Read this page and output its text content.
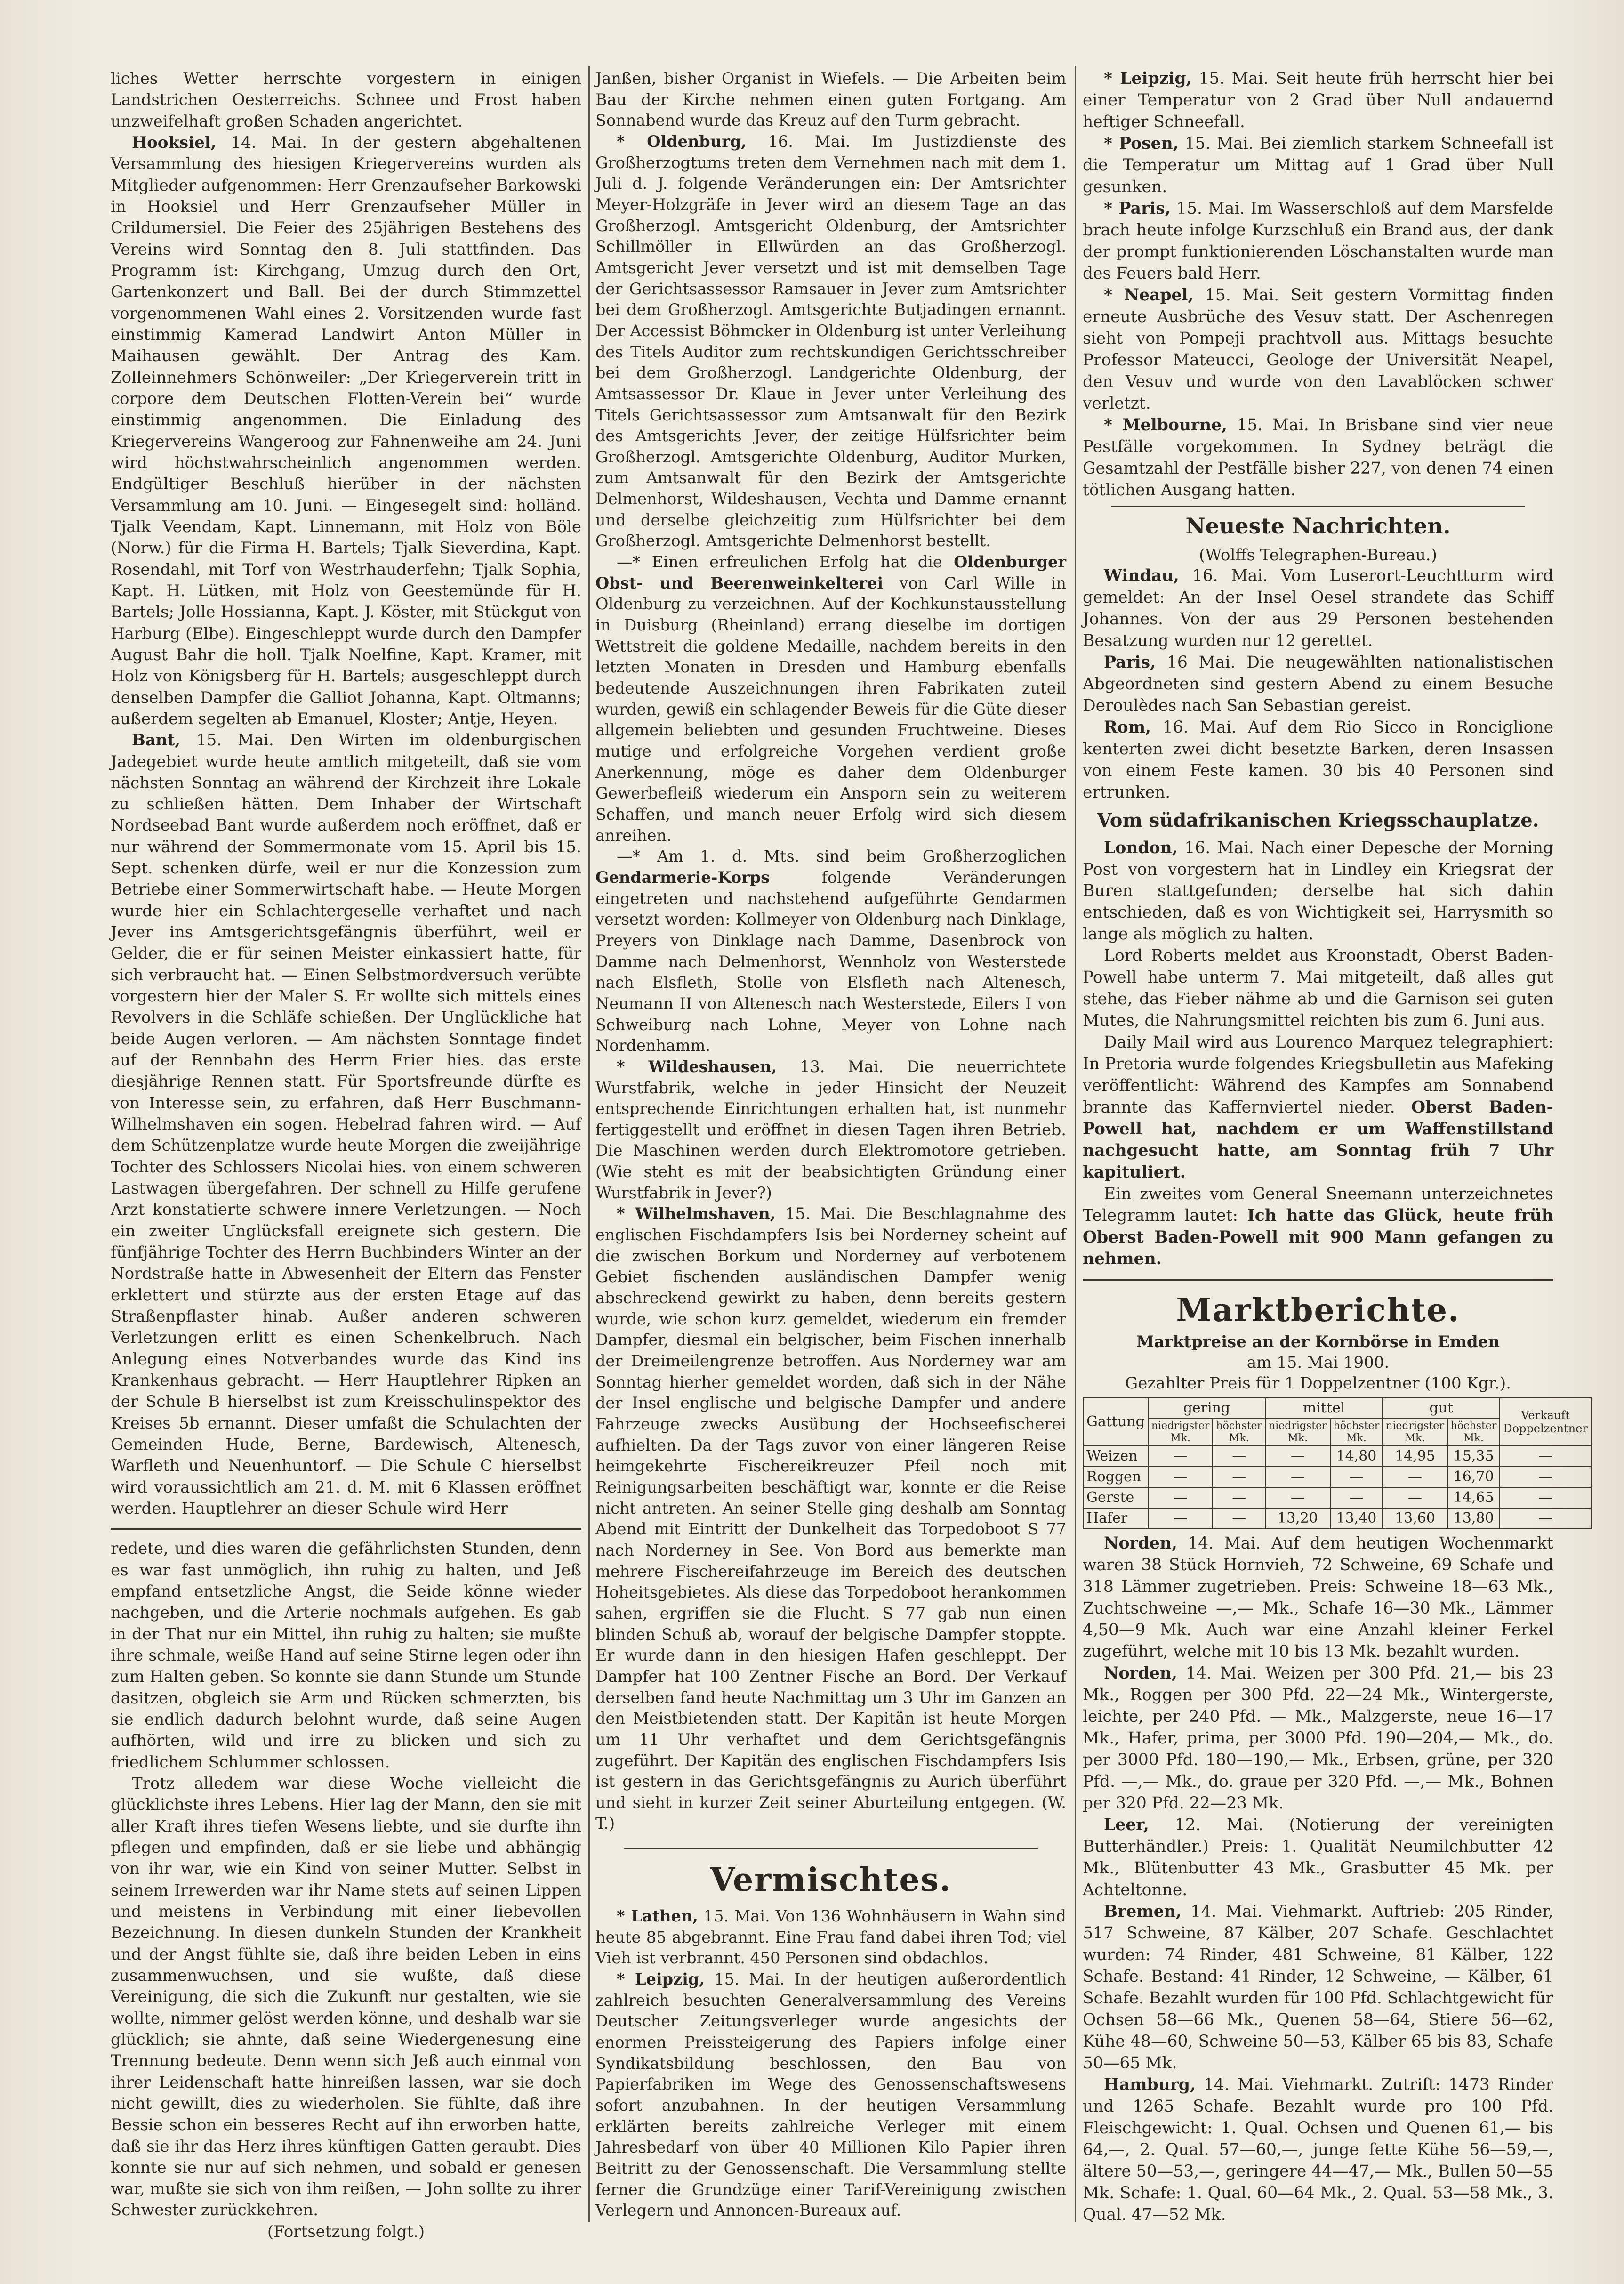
liches Wetter herrschte vorgestern in einigen Landstrichen Oesterreichs. Schnee und Frost haben unzweifelhaft großen Schaden angerichtet.

Hooksiel, 14. Mai. In der gestern abgehaltenen Versammlung des hiesigen Kriegervereins wurden als Mitglieder aufgenommen: Herr Grenzaufseher Barkowski in Hooksiel und Herr Grenzaufseher Müller in Crildumersiel. Die Feier des 25jährigen Bestehens des Vereins wird Sonntag den 8. Juli stattfinden. Das Programm ist: Kirchgang, Umzug durch den Ort, Gartenkonzert und Ball. Bei der durch Stimmzettel vorgenommenen Wahl eines 2. Vorsitzenden wurde fast einstimmig Kamerad Landwirt Anton Müller in Maihausen gewählt. Der Antrag des Kam. Zolleinnehmers Schönweiler: „Der Kriegerverein tritt in corpore dem Deutschen Flotten-Verein bei“ wurde einstimmig angenommen. Die Einladung des Kriegervereins Wangeroog zur Fahnenweihe am 24. Juni wird höchstwahrscheinlich angenommen werden. Endgültiger Beschluß hierüber in der nächsten Versammlung am 10. Juni. — Eingesegelt sind: holländ. Tjalk Veendam, Kapt. Linnemann, mit Holz von Böle (Norw.) für die Firma H. Bartels; Tjalk Sieverdina, Kapt. Rosendahl, mit Torf von Westrhauderfehn; Tjalk Sophia, Kapt. H. Lütken, mit Holz von Geestemünde für H. Bartels; Jolle Hossianna, Kapt. J. Köster, mit Stückgut von Harburg (Elbe). Eingeschleppt wurde durch den Dampfer August Bahr die holl. Tjalk Noelfine, Kapt. Kramer, mit Holz von Königsberg für H. Bartels; ausgeschleppt durch denselben Dampfer die Galliot Johanna, Kapt. Oltmanns; außerdem segelten ab Emanuel, Kloster; Antje, Heyen.

Bant, 15. Mai. Den Wirten im oldenburgischen Jadegebiet wurde heute amtlich mitgeteilt, daß sie vom nächsten Sonntag an während der Kirchzeit ihre Lokale zu schließen hätten. Dem Inhaber der Wirtschaft Nordseebad Bant wurde außerdem noch eröffnet, daß er nur während der Sommermonate vom 15. April bis 15. Sept. schenken dürfe, weil er nur die Konzession zum Betriebe einer Sommerwirtschaft habe. — Heute Morgen wurde hier ein Schlachtergeselle verhaftet und nach Jever ins Amtsgerichtsgefängnis überführt, weil er Gelder, die er für seinen Meister einkassiert hatte, für sich verbraucht hat. — Einen Selbstmordversuch verübte vorgestern hier der Maler S. Er wollte sich mittels eines Revolvers in die Schläfe schießen. Der Unglückliche hat beide Augen verloren. — Am nächsten Sonntage findet auf der Rennbahn des Herrn Frier hies. das erste diesjährige Rennen statt. Für Sportsfreunde dürfte es von Interesse sein, zu erfahren, daß Herr Buschmann-Wilhelmshaven ein sogen. Hebelrad fahren wird. — Auf dem Schützenplatze wurde heute Morgen die zweijährige Tochter des Schlossers Nicolai hies. von einem schweren Lastwagen übergefahren. Der schnell zu Hilfe gerufene Arzt konstatierte schwere innere Verletzungen. — Noch ein zweiter Unglücksfall ereignete sich gestern. Die fünfjährige Tochter des Herrn Buchbinders Winter an der Nordstraße hatte in Abwesenheit der Eltern das Fenster erklettert und stürzte aus der ersten Etage auf das Straßenpflaster hinab. Außer anderen schweren Verletzungen erlitt es einen Schenkelbruch. Nach Anlegung eines Notverbandes wurde das Kind ins Krankenhaus gebracht. — Herr Hauptlehrer Ripken an der Schule B hierselbst ist zum Kreisschulinspektor des Kreises 5b ernannt. Dieser umfaßt die Schulachten der Gemeinden Hude, Berne, Bardewisch, Altenesch, Warfleth und Neuenhuntorf. — Die Schule C hierselbst wird voraussichtlich am 21. d. M. mit 6 Klassen eröffnet werden. Hauptlehrer an dieser Schule wird Herr

redete, und dies waren die gefährlichsten Stunden, denn es war fast unmöglich, ihn ruhig zu halten, und Jeß empfand entsetzliche Angst, die Seide könne wieder nachgeben, und die Arterie nochmals aufgehen. Es gab in der That nur ein Mittel, ihn ruhig zu halten; sie mußte ihre schmale, weiße Hand auf seine Stirne legen oder ihn zum Halten geben. So konnte sie dann Stunde um Stunde dasitzen, obgleich sie Arm und Rücken schmerzten, bis sie endlich dadurch belohnt wurde, daß seine Augen aufhörten, wild und irre zu blicken und sich zu friedlichem Schlummer schlossen.

Trotz alledem war diese Woche vielleicht die glücklichste ihres Lebens. Hier lag der Mann, den sie mit aller Kraft ihres tiefen Wesens liebte, und sie durfte ihn pflegen und empfinden, daß er sie liebe und abhängig von ihr war, wie ein Kind von seiner Mutter. Selbst in seinem Irrewerden war ihr Name stets auf seinen Lippen und meistens in Verbindung mit einer liebevollen Bezeichnung. In diesen dunkeln Stunden der Krankheit und der Angst fühlte sie, daß ihre beiden Leben in eins zusammenwuchsen, und sie wußte, daß diese Vereinigung, die sich die Zukunft nur gestalten, wie sie wollte, nimmer gelöst werden könne, und deshalb war sie glücklich; sie ahnte, daß seine Wiedergenesung eine Trennung bedeute. Denn wenn sich Jeß auch einmal von ihrer Leidenschaft hatte hinreißen lassen, war sie doch nicht gewillt, dies zu wiederholen. Sie fühlte, daß ihre Bessie schon ein besseres Recht auf ihn erworben hatte, daß sie ihr das Herz ihres künftigen Gatten geraubt. Dies konnte sie nur auf sich nehmen, und sobald er genesen war, mußte sie sich von ihm reißen, — John sollte zu ihrer Schwester zurückkehren.

(Fortsetzung folgt.)

Janßen, bisher Organist in Wiefels. — Die Arbeiten beim Bau der Kirche nehmen einen guten Fortgang. Am Sonnabend wurde das Kreuz auf den Turm gebracht.

* Oldenburg, 16. Mai. Im Justizdienste des Großherzogtums treten dem Vernehmen nach mit dem 1. Juli d. J. folgende Veränderungen ein: Der Amtsrichter Meyer-Holzgräfe in Jever wird an diesem Tage an das Großherzogl. Amtsgericht Oldenburg, der Amtsrichter Schillmöller in Ellwürden an das Großherzogl. Amtsgericht Jever versetzt und ist mit demselben Tage der Gerichtsassessor Ramsauer in Jever zum Amtsrichter bei dem Großherzogl. Amtsgerichte Butjadingen ernannt. Der Accessist Böhmcker in Oldenburg ist unter Verleihung des Titels Auditor zum rechtskundigen Gerichtsschreiber bei dem Großherzogl. Landgerichte Oldenburg, der Amtsassessor Dr. Klaue in Jever unter Verleihung des Titels Gerichtsassessor zum Amtsanwalt für den Bezirk des Amtsgerichts Jever, der zeitige Hülfsrichter beim Großherzogl. Amtsgerichte Oldenburg, Auditor Murken, zum Amtsanwalt für den Bezirk der Amtsgerichte Delmenhorst, Wildeshausen, Vechta und Damme ernannt und derselbe gleichzeitig zum Hülfsrichter bei dem Großherzogl. Amtsgerichte Delmenhorst bestellt.

—* Einen erfreulichen Erfolg hat die Oldenburger Obst- und Beerenweinkelterei von Carl Wille in Oldenburg zu verzeichnen. Auf der Kochkunstausstellung in Duisburg (Rheinland) errang dieselbe im dortigen Wettstreit die goldene Medaille, nachdem bereits in den letzten Monaten in Dresden und Hamburg ebenfalls bedeutende Auszeichnungen ihren Fabrikaten zuteil wurden, gewiß ein schlagender Beweis für die Güte dieser allgemein beliebten und gesunden Fruchtweine. Dieses mutige und erfolgreiche Vorgehen verdient große Anerkennung, möge es daher dem Oldenburger Gewerbefleiß wiederum ein Ansporn sein zu weiterem Schaffen, und manch neuer Erfolg wird sich diesem anreihen.

—* Am 1. d. Mts. sind beim Großherzoglichen Gendarmerie-Korps	folgende Veränderungen eingetreten und nachstehend aufgeführte Gendarmen versetzt worden: Kollmeyer von Oldenburg nach Dinklage, Preyers von Dinklage nach Damme, Dasenbrock von Damme nach Delmenhorst, Wennholz von Westerstede nach Elsfleth, Stolle von Elsfleth nach Altenesch, Neumann II von Altenesch nach Westerstede, Eilers I von Schweiburg nach Lohne, Meyer von Lohne nach Nordenhamm.

* Wildeshausen, 13. Mai. Die neuerrichtete Wurstfabrik, welche in jeder Hinsicht der Neuzeit entsprechende Einrichtungen erhalten hat, ist nunmehr fertiggestellt und eröffnet in diesen Tagen ihren Betrieb. Die Maschinen werden durch Elektromotore getrieben. (Wie steht es mit der beabsichtigten Gründung einer Wurstfabrik in Jever?)

* Wilhelmshaven, 15. Mai. Die Beschlagnahme des englischen Fischdampfers Isis bei Norderney scheint auf die zwischen Borkum und Norderney auf verbotenem Gebiet fischenden ausländischen Dampfer wenig abschreckend gewirkt zu haben, denn bereits gestern wurde, wie schon kurz gemeldet, wiederum ein fremder Dampfer, diesmal ein belgischer, beim Fischen innerhalb der Dreimeilengrenze betroffen. Aus Norderney war am Sonntag hierher gemeldet worden, daß sich in der Nähe der Insel englische und belgische Dampfer und andere Fahrzeuge zwecks Ausübung der Hochseefischerei aufhielten. Da der Tags zuvor von einer längeren Reise heimgekehrte Fischereikreuzer Pfeil noch mit Reinigungsarbeiten beschäftigt war, konnte er die Reise nicht antreten. An seiner Stelle ging deshalb am Sonntag Abend mit Eintritt der Dunkelheit das Torpedoboot S 77 nach Norderney in See. Von Bord aus bemerkte man mehrere Fischereifahrzeuge im Bereich des deutschen Hoheitsgebietes. Als diese das Torpedoboot herankommen sahen, ergriffen sie die Flucht. S 77 gab nun einen blinden Schuß ab, worauf der belgische Dampfer stoppte. Er wurde dann in den hiesigen Hafen geschleppt. Der Dampfer hat 100 Zentner Fische an Bord. Der Verkauf derselben fand heute Nachmittag um 3 Uhr im Ganzen an den Meistbietenden statt. Der Kapitän ist heute Morgen um 11 Uhr verhaftet und dem Gerichtsgefängnis zugeführt. Der Kapitän des englischen Fischdampfers Isis ist gestern in das Gerichtsgefängnis zu Aurich überführt und sieht in kurzer Zeit seiner Aburteilung entgegen. (W. T.)

Vermischtes.

* Lathen, 15. Mai. Von 136 Wohnhäusern in Wahn sind heute 85 abgebrannt. Eine Frau fand dabei ihren Tod; viel Vieh ist verbrannt. 450 Personen sind obdachlos.

* Leipzig, 15. Mai. In der heutigen außerordentlich zahlreich besuchten Generalversammlung des Vereins Deutscher Zeitungsverleger wurde angesichts der enormen Preissteigerung des Papiers infolge einer Syndikatsbildung beschlossen, den Bau von Papierfabriken im Wege des Genossenschaftswesens sofort anzubahnen. In der heutigen Versammlung erklärten bereits zahlreiche Verleger mit einem Jahresbedarf von über 40 Millionen Kilo Papier ihren Beitritt zu der Genossenschaft. Die Versammlung stellte ferner die Grundzüge einer Tarif-Vereinigung zwischen Verlegern und Annoncen-Bureaux auf.

* Leipzig, 15. Mai. Seit heute früh herrscht hier bei einer Temperatur von 2 Grad über Null andauernd heftiger Schneefall.

* Posen, 15. Mai. Bei ziemlich starkem Schneefall ist die Temperatur um Mittag auf 1 Grad über Null gesunken.

* Paris, 15. Mai. Im Wasserschloß auf dem Marsfelde brach heute infolge Kurzschluß ein Brand aus, der dank der prompt funktionierenden Löschanstalten wurde man des Feuers bald Herr.

* Neapel, 15. Mai. Seit gestern Vormittag finden erneute Ausbrüche des Vesuv statt. Der Aschenregen sieht von Pompeji prachtvoll aus. Mittags besuchte Professor Mateucci, Geologe der Universität Neapel, den Vesuv und wurde von den Lavablöcken schwer verletzt.

* Melbourne, 15. Mai. In Brisbane sind vier neue Pestfälle vorgekommen. In Sydney beträgt die Gesamtzahl der Pestfälle bisher 227, von denen 74 einen tötlichen Ausgang hatten.

Neueste Nachrichten.
(Wolffs Telegraphen-Bureau.)

Windau, 16. Mai. Vom Luserort-Leuchtturm wird gemeldet: An der Insel Oesel strandete das Schiff Johannes. Von der aus 29 Personen bestehenden Besatzung wurden nur 12 gerettet.

Paris, 16 Mai. Die neugewählten nationalistischen Abgeordneten sind gestern Abend zu einem Besuche Deroulèdes nach San Sebastian gereist.

Rom, 16. Mai. Auf dem Rio Sicco in Ronciglione kenterten zwei dicht besetzte Barken, deren Insassen von einem Feste kamen. 30 bis 40 Personen sind ertrunken.

Vom südafrikanischen Kriegsschauplatze.

London, 16. Mai. Nach einer Depesche der Morning Post von vorgestern hat in Lindley ein Kriegsrat der Buren stattgefunden; derselbe hat sich dahin entschieden, daß es von Wichtigkeit sei, Harrysmith so lange als möglich zu halten.

Lord Roberts meldet aus Kroonstadt, Oberst Baden-Powell habe unterm 7. Mai mitgeteilt, daß alles gut stehe, das Fieber nähme ab und die Garnison sei guten Mutes, die Nahrungsmittel reichten bis zum 6. Juni aus.

Daily Mail wird aus Lourenco Marquez telegraphiert: In Pretoria wurde folgendes Kriegsbulletin aus Mafeking veröffentlicht: Während des Kampfes am Sonnabend brannte das Kaffernviertel nieder. Oberst Baden-Powell hat, nachdem er um Waffenstillstand nachgesucht hatte, am Sonntag früh 7 Uhr kapituliert.

Ein zweites vom General Sneemann unterzeichnetes Telegramm lautet: Ich hatte das Glück, heute früh Oberst Baden-Powell mit 900 Mann gefangen zu nehmen.

Marktberichte.
Marktpreise an der Kornbörse in Emden
am 15. Mai 1900.
Gezahlter Preis für 1 Doppelzentner (100 Kgr.).
Gattung	gering		mittel		gut		Verkauft Doppelzentner
	niedrigster Mk.	höchster Mk.	niedrigster Mk.	höchster Mk.	niedrigster Mk.	höchster Mk.	
Weizen	—	—	—	14,80	14,95	15,35	—
Roggen	—	—	—	—	—	16,70	—
Gerste	—	—	—	—	—	14,65	—
Hafer	—	—	13,20	13,40	13,60	13,80	—

Norden, 14. Mai. Auf dem heutigen Wochenmarkt waren 38 Stück Hornvieh, 72 Schweine, 69 Schafe und 318 Lämmer zugetrieben. Preis: Schweine 18—63 Mk., Zuchtschweine —,— Mk., Schafe 16—30 Mk., Lämmer 4,50—9 Mk. Auch war eine Anzahl kleiner Ferkel zugeführt, welche mit 10 bis 13 Mk. bezahlt wurden.

Norden, 14. Mai. Weizen per 300 Pfd. 21,— bis 23 Mk., Roggen per 300 Pfd. 22—24 Mk., Wintergerste, leichte, per 240 Pfd. — Mk., Malzgerste, neue 16—17 Mk., Hafer, prima, per 3000 Pfd. 190—204,— Mk., do. per 3000 Pfd. 180—190,— Mk., Erbsen, grüne, per 320 Pfd. —,— Mk., do. graue per 320 Pfd. —,— Mk., Bohnen per 320 Pfd. 22—23 Mk.

Leer, 12. Mai. (Notierung der vereinigten Butterhändler.) Preis: 1. Qualität Neumilchbutter 42 Mk., Blütenbutter 43 Mk., Grasbutter 45 Mk. per Achteltonne.

Bremen, 14. Mai. Viehmarkt. Auftrieb: 205 Rinder, 517 Schweine, 87 Kälber, 207 Schafe. Geschlachtet wurden: 74 Rinder, 481 Schweine, 81 Kälber, 122 Schafe. Bestand: 41 Rinder, 12 Schweine, — Kälber, 61 Schafe. Bezahlt wurden für 100 Pfd. Schlachtgewicht für Ochsen 58—66 Mk., Quenen 58—64, Stiere 56—62, Kühe 48—60, Schweine 50—53, Kälber 65 bis 83, Schafe 50—65 Mk.

Hamburg, 14. Mai. Viehmarkt. Zutrift: 1473 Rinder und 1265 Schafe. Bezahlt wurde pro 100 Pfd. Fleischgewicht: 1. Qual. Ochsen und Quenen 61,— bis 64,—, 2. Qual. 57—60,—, junge fette Kühe 56—59,—, ältere 50—53,—, geringere 44—47,— Mk., Bullen 50—55 Mk. Schafe: 1. Qual. 60—64 Mk., 2. Qual. 53—58 Mk., 3. Qual. 47—52 Mk.
